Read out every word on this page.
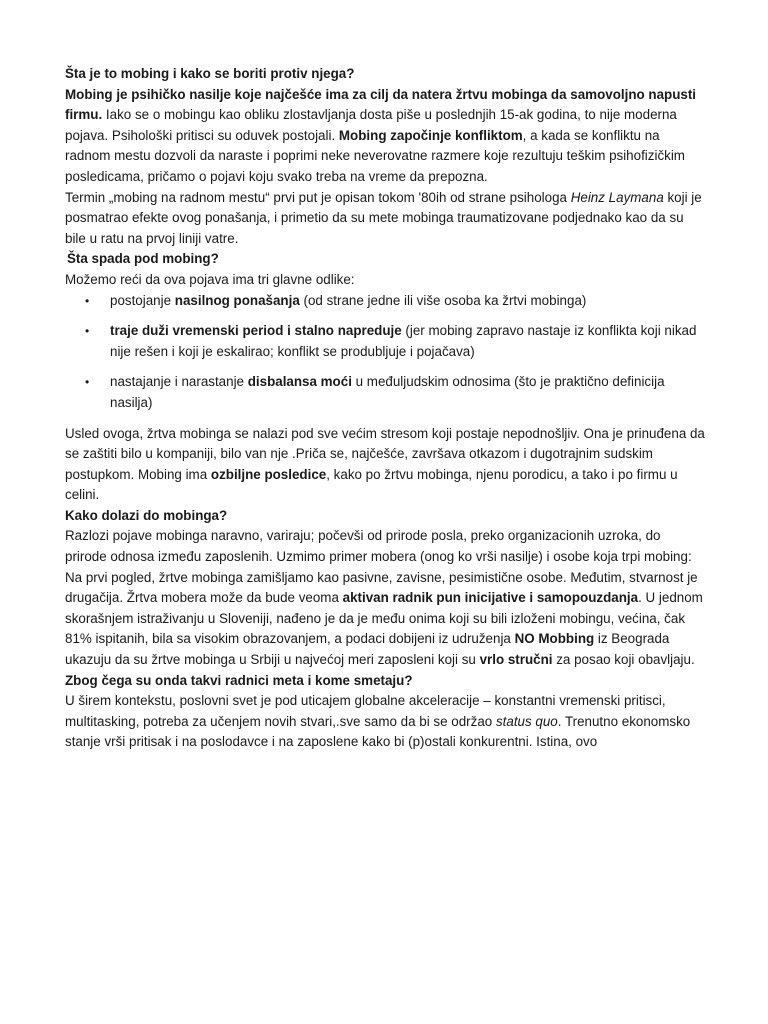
Šta je to mobing i kako se boriti protiv njega?

Mobing je psihičko nasilje koje najčešće ima za cilj da natera žrtvu mobinga da samovoljno napusti firmu. Iako se o mobingu kao obliku zlostavljanja dosta piše u poslednjih 15-ak godina, to nije moderna pojava. Psihološki pritisci su oduvek postojali. Mobing započinje konfliktom, a kada se konfliktu na radnom mestu dozvoli da naraste i poprimi neke neverovatne razmere koje rezultuju teškim psihofizičkim posledicama, pričamo o pojavi koju svako treba na vreme da prepozna.

Termin „mobing na radnom mestu“ prvi put je opisan tokom '80ih od strane psihologa Heinz Laymana koji je posmatrao efekte ovog ponašanja, i primetio da su mete mobinga traumatizovane podjednako kao da su bile u ratu na prvoj liniji vatre.

Šta spada pod mobing?

Možemo reći da ova pojava ima tri glavne odlike:

• postojanje nasilnog ponašanja (od strane jedne ili više osoba ka žrtvi mobinga)
• traje duži vremenski period i stalno napreduje (jer mobing zapravo nastaje iz konflikta koji nikad nije rešen i koji je eskalirao; konflikt se produbljuje i pojačava)
• nastajanje i narastanje disbalansa moći u međuljudskim odnosima (što je praktično definicija nasilja)

Usled ovoga, žrtva mobinga se nalazi pod sve većim stresom koji postaje nepodnošljiv. Ona je prinuđena da se zaštiti bilo u kompaniji, bilo van nje .Priča se, najčešće, završava otkazom i dugotrajnim sudskim postupkom. Mobing ima ozbiljne posledice, kako po žrtvu mobinga, njenu porodicu, a tako i po firmu u celini.

Kako dolazi do mobinga?

Razlozi pojave mobinga naravno, variraju; počevši od prirode posla, preko organizacionih uzroka, do prirode odnosa između zaposlenih. Uzmimo primer mobera (onog ko vrši nasilje) i osobe koja trpi mobing:

Na prvi pogled, žrtve mobinga zamišljamo kao pasivne, zavisne, pesimistične osobe. Međutim, stvarnost je drugačija. Žrtva mobera može da bude veoma aktivan radnik pun inicijative i samopouzdanja. U jednom skorašnjem istraživanju u Sloveniji, nađeno je da je među onima koji su bili izloženi mobingu, većina, čak 81% ispitanih, bila sa visokim obrazovanjem, a podaci dobijeni iz udruženja NO Mobbing iz Beograda ukazuju da su žrtve mobinga u Srbiji u najvećoj meri zaposleni koji su vrlo stručni za posao koji obavljaju.

Zbog čega su onda takvi radnici meta i kome smetaju?

U širem kontekstu, poslovni svet je pod uticajem globalne akceleracije – konstantni vremenski pritisci, multitasking, potreba za učenjem novih stvari,.sve samo da bi se održao status quo. Trenutno ekonomsko stanje vrši pritisak i na poslodavce i na zaposlene kako bi (p)ostali konkurentni. Istina, ovo
